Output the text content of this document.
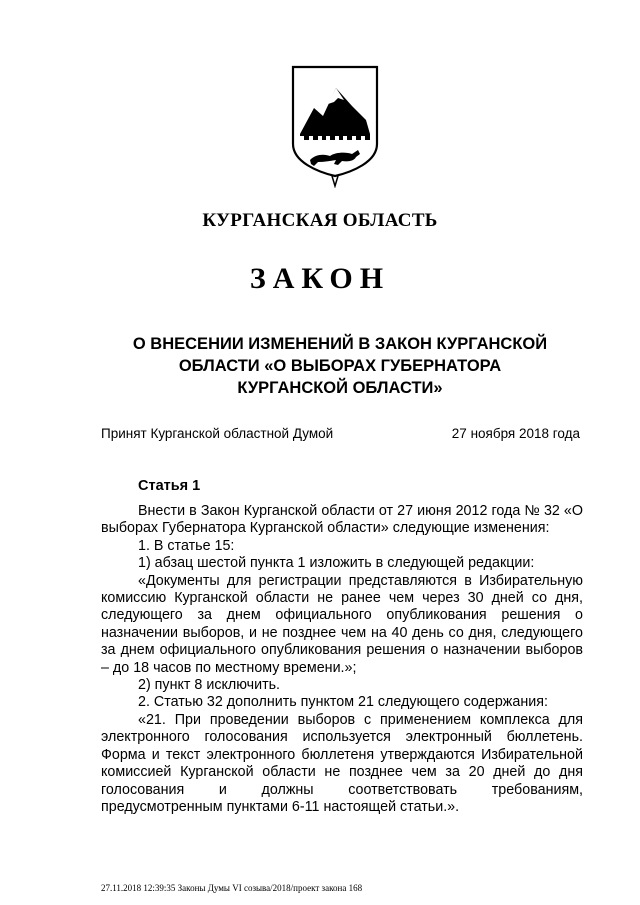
КУРГАНСКАЯ ОБЛАСТЬ
ЗАКОН
О ВНЕСЕНИИ ИЗМЕНЕНИЙ В ЗАКОН КУРГАНСКОЙ
ОБЛАСТИ «О ВЫБОРАХ ГУБЕРНАТОРА
КУРГАНСКОЙ ОБЛАСТИ»
Принят Курганской областной Думой	27 ноября 2018 года
Статья 1

Внести в Закон Курганской области от 27 июня 2012 года № 32 «О выборах Губернатора Курганской области» следующие изменения:

1. В статье 15:

1) абзац шестой пункта 1 изложить в следующей редакции:

«Документы для регистрации представляются в Избирательную комиссию Курганской области не ранее чем через 30 дней со дня, следующего за днем официального опубликования решения о назначении выборов, и не позднее чем на 40 день со дня, следующего за днем официального опубликования решения о назначении выборов – до 18 часов по местному времени.»;

2) пункт 8 исключить.

2. Статью 32 дополнить пунктом 21 следующего содержания:

«21. При проведении выборов с применением комплекса для электронного голосования используется электронный бюллетень. Форма и текст электронного бюллетеня утверждаются Избирательной комиссией Курганской области не позднее чем за 20 дней до дня голосования и должны соответствовать требованиям, предусмотренным пунктами 6-11 настоящей статьи.».

27.11.2018 12:39:35 Законы Думы VI созыва/2018/проект закона 168
